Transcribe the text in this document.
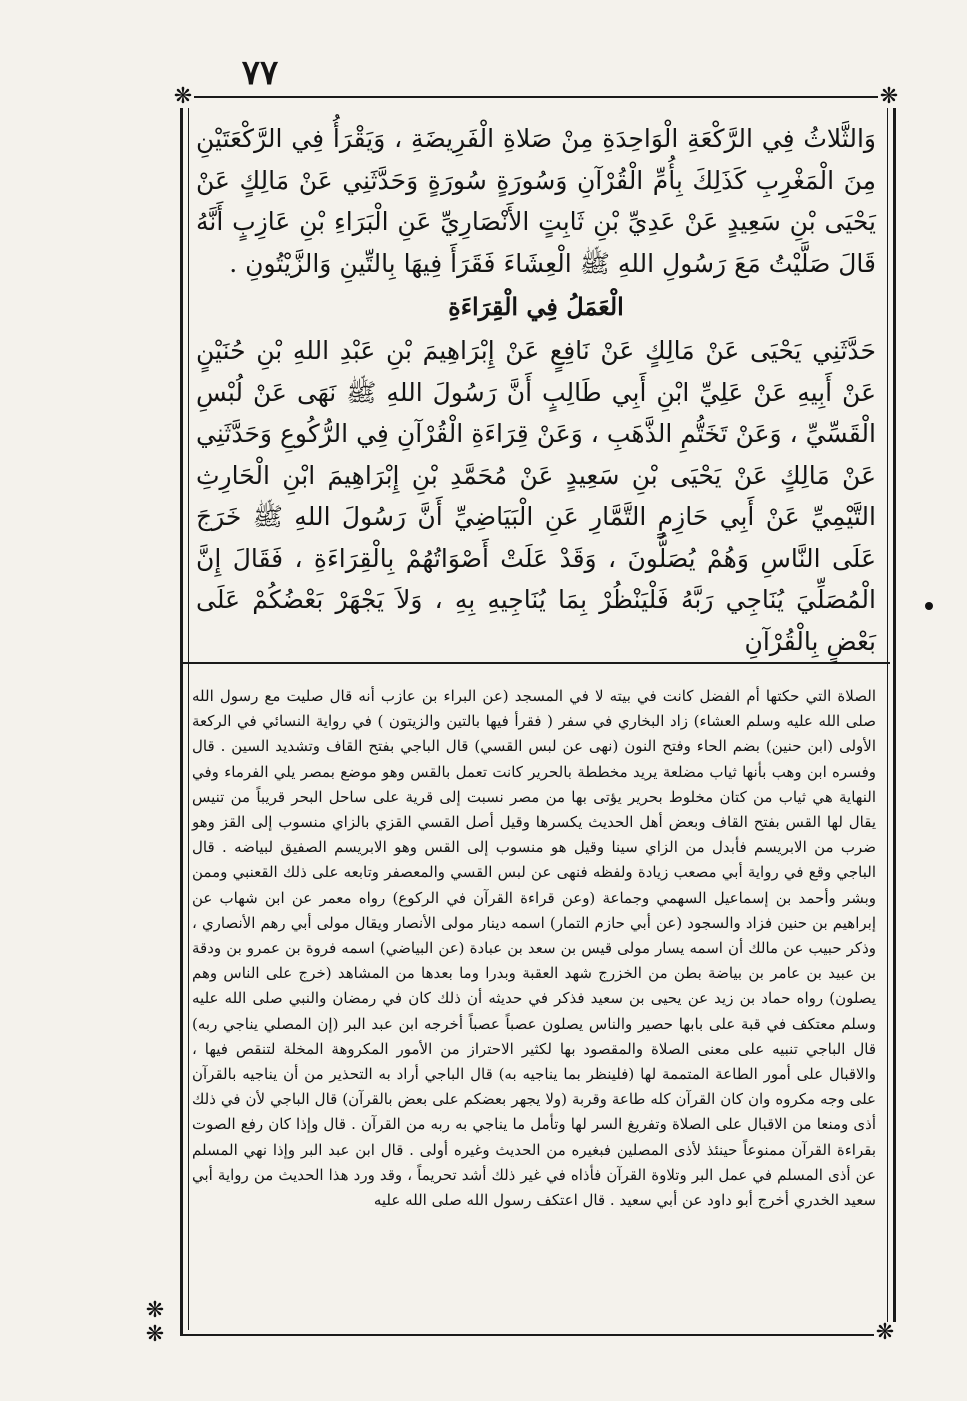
٧٧
❋	❋
❋
❋	❋

وَالثَّلاثُ فِي الرَّكْعَةِ الْوَاحِدَةِ مِنْ صَلاةِ الْفَرِيضَةِ ، وَيَقْرَأُ فِي الرَّكْعَتَيْنِ مِنَ الْمَغْرِبِ كَذَلِكَ بِأُمِّ الْقُرْآنِ وَسُورَةٍ سُورَةٍ وَحَدَّثَنِي عَنْ مَالِكٍ عَنْ يَحْيَى بْنِ سَعِيدٍ عَنْ عَدِيِّ بْنِ ثَابِتٍ الأَنْصَارِيِّ عَنِ الْبَرَاءِ بْنِ عَازِبٍ أَنَّهُ قَالَ صَلَّيْتُ مَعَ رَسُولِ اللهِ ﷺ الْعِشَاءَ فَقَرَأَ فِيهَا بِالتِّينِ وَالزَّيْتُونِ .

الْعَمَلُ فِي الْقِرَاءَةِ

حَدَّثَنِي يَحْيَى عَنْ مَالِكٍ عَنْ نَافِعٍ عَنْ إِبْرَاهِيمَ بْنِ عَبْدِ اللهِ بْنِ حُنَيْنٍ عَنْ أَبِيهِ عَنْ عَلِيِّ ابْنِ أَبِي طَالِبٍ أَنَّ رَسُولَ اللهِ ﷺ نَهَى عَنْ لُبْسِ الْقَسِّيِّ ، وَعَنْ تَخَتُّمِ الذَّهَبِ ، وَعَنْ قِرَاءَةِ الْقُرْآنِ فِي الرُّكُوعِ وَحَدَّثَنِي عَنْ مَالِكٍ عَنْ يَحْيَى بْنِ سَعِيدٍ عَنْ مُحَمَّدِ بْنِ إِبْرَاهِيمَ ابْنِ الْحَارِثِ التَّيْمِيِّ عَنْ أَبِي حَازِمٍ التَّمَّارِ عَنِ الْبَيَاضِيِّ أَنَّ رَسُولَ اللهِ ﷺ خَرَجَ عَلَى النَّاسِ وَهُمْ يُصَلُّونَ ، وَقَدْ عَلَتْ أَصْوَاتُهُمْ بِالْقِرَاءَةِ ، فَقَالَ إِنَّ الْمُصَلِّيَ يُنَاجِي رَبَّهُ فَلْيَنْظُرْ بِمَا يُنَاجِيهِ بِهِ ، وَلاَ يَجْهَرْ بَعْضُكُمْ عَلَى بَعْضٍ بِالْقُرْآنِ

الصلاة التي حكتها أم الفضل كانت في بيته لا في المسجد (عن البراء بن عازب أنه قال صليت مع رسول الله صلى الله عليه وسلم العشاء) زاد البخاري في سفر ( فقرأ فيها بالتين والزيتون ) في رواية النسائي في الركعة الأولى (ابن حنين) بضم الحاء وفتح النون (نهى عن لبس القسي) قال الباجي بفتح القاف وتشديد السين . قال وفسره ابن وهب بأنها ثياب مضلعة يريد مخططة بالحرير كانت تعمل بالقس وهو موضع بمصر يلي الفرماء وفي النهاية هي ثياب من كتان مخلوط بحرير يؤتى بها من مصر نسبت إلى قرية على ساحل البحر قريباً من تنيس يقال لها القس بفتح القاف وبعض أهل الحديث يكسرها وقيل أصل القسي القزي بالزاي منسوب إلى القز وهو ضرب من الابريسم فأبدل من الزاي سينا وقيل هو منسوب إلى القس وهو الابريسم الصفيق لبياضه . قال الباجي وقع في رواية أبي مصعب زيادة ولفظه فنهى عن لبس القسي والمعصفر وتابعه على ذلك القعنبي وممن وبشر وأحمد بن إسماعيل السهمي وجماعة (وعن قراءة القرآن في الركوع) رواه معمر عن ابن شهاب عن إبراهيم بن حنين فزاد والسجود (عن أبي حازم التمار) اسمه دينار مولى الأنصار ويقال مولى أبي رهم الأنصاري ، وذكر حبيب عن مالك أن اسمه يسار مولى قيس بن سعد بن عبادة (عن البياضي) اسمه فروة بن عمرو بن ودقة بن عبيد بن عامر بن بياضة بطن من الخزرج شهد العقبة وبدرا وما بعدها من المشاهد (خرج على الناس وهم يصلون) رواه حماد بن زيد عن يحيى بن سعيد فذكر في حديثه أن ذلك كان في رمضان والنبي صلى الله عليه وسلم معتكف في قبة على بابها حصير والناس يصلون عصباً عصباً أخرجه ابن عبد البر (إن المصلي يناجي ربه) قال الباجي تنبيه على معنى الصلاة والمقصود بها لكثير الاحتراز من الأمور المكروهة المخلة لتنقص فيها ، والاقبال على أمور الطاعة المتممة لها (فلينظر بما يناجيه به) قال الباجي أراد به التحذير من أن يناجيه بالقرآن على وجه مكروه وان كان القرآن كله طاعة وقربة (ولا يجهر بعضكم على بعض بالقرآن) قال الباجي لأن في ذلك أذى ومنعا من الاقبال على الصلاة وتفريغ السر لها وتأمل ما يناجي به ربه من القرآن . قال وإذا كان رفع الصوت بقراءة القرآن ممنوعاً حينئذ لأذى المصلين فبغيره من الحديث وغيره أولى . قال ابن عبد البر وإذا نهي المسلم عن أذى المسلم في عمل البر وتلاوة القرآن فأذاه في غير ذلك أشد تحريماً ، وقد ورد هذا الحديث من رواية أبي سعيد الخدري أخرج أبو داود عن أبي سعيد . قال اعتكف رسول الله صلى الله عليه
